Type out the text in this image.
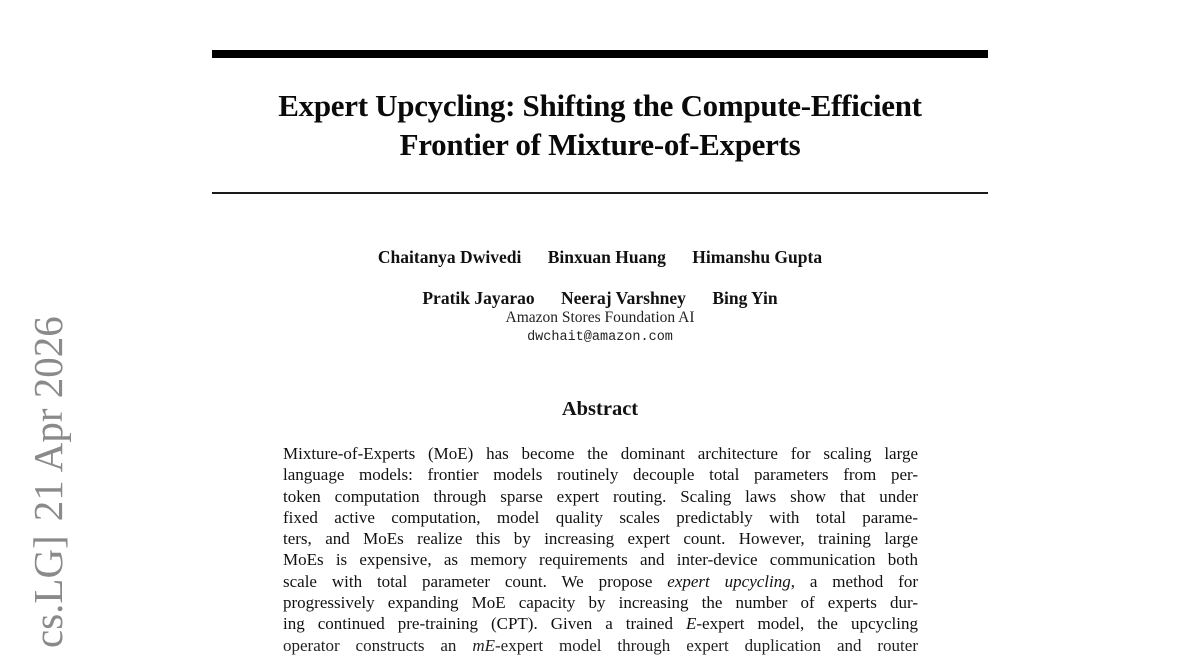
Expert Upcycling: Shifting the Compute-Efficient
Frontier of Mixture-of-Experts
Chaitanya Dwivedi Binxuan Huang Himanshu Gupta
Pratik Jayarao Neeraj Varshney Bing Yin
Amazon Stores Foundation AI
dwchait@amazon.com
Abstract
Mixture-of-Experts (MoE) has become the dominant architecture for scaling large
language models: frontier models routinely decouple total parameters from per-
token computation through sparse expert routing. Scaling laws show that under
fixed active computation, model quality scales predictably with total parame-
ters, and MoEs realize this by increasing expert count. However, training large
MoEs is expensive, as memory requirements and inter-device communication both
scale with total parameter count. We propose expert upcycling, a method for
progressively expanding MoE capacity by increasing the number of experts dur-
ing continued pre-training (CPT). Given a trained E-expert model, the upcycling
operator constructs an mE-expert model through expert duplication and router
cs.LG]21 Apr 2026
